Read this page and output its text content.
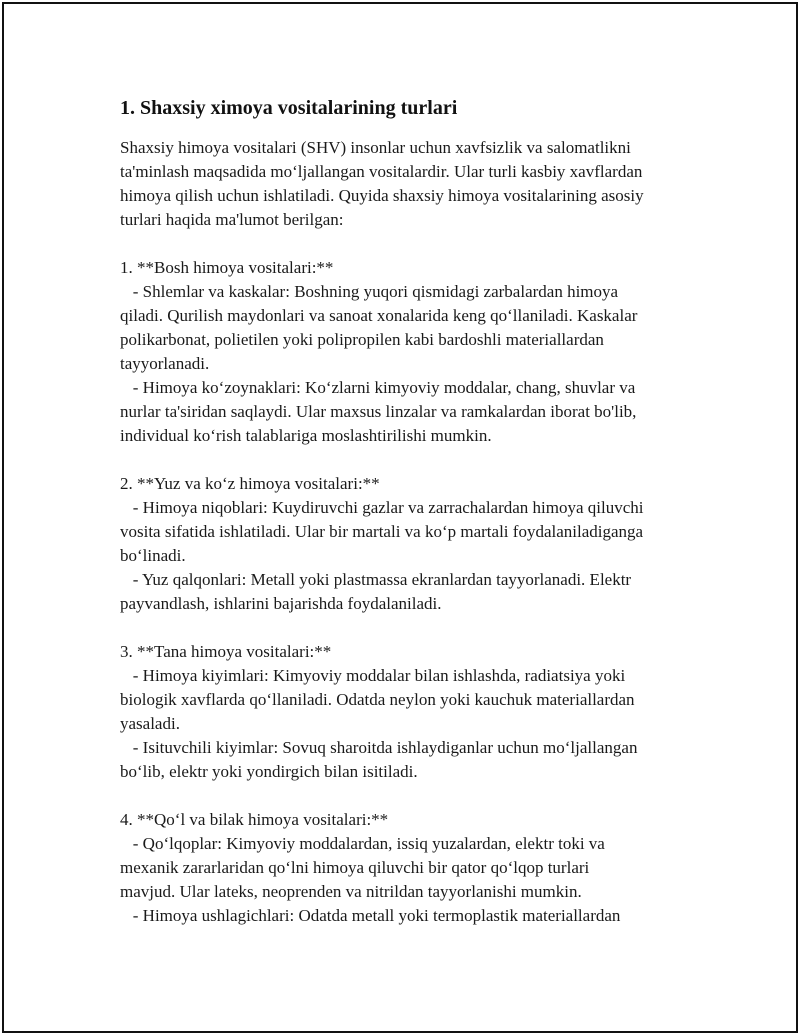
1. Shaxsiy ximoya vositalarining turlari

Shaxsiy himoya vositalari (SHV) insonlar uchun xavfsizlik va salomatlikni
ta'minlash maqsadida mo‘ljallangan vositalardir. Ular turli kasbiy xavflardan
himoya qilish uchun ishlatiladi. Quyida shaxsiy himoya vositalarining asosiy
turlari haqida ma'lumot berilgan:

1. **Bosh himoya vositalari:**

- Shlemlar va kaskalar: Boshning yuqori qismidagi zarbalardan himoya
qiladi. Qurilish maydonlari va sanoat xonalarida keng qo‘llaniladi. Kaskalar
polikarbonat, polietilen yoki polipropilen kabi bardoshli materiallardan
tayyorlanadi.

- Himoya ko‘zoynaklari: Ko‘zlarni kimyoviy moddalar, chang, shuvlar va
nurlar ta'siridan saqlaydi. Ular maxsus linzalar va ramkalardan iborat bo'lib,
individual ko‘rish talablariga moslashtirilishi mumkin.

2. **Yuz va ko‘z himoya vositalari:**

- Himoya niqoblari: Kuydiruvchi gazlar va zarrachalardan himoya qiluvchi
vosita sifatida ishlatiladi. Ular bir martali va ko‘p martali foydalaniladiganga
bo‘linadi.

- Yuz qalqonlari: Metall yoki plastmassa ekranlardan tayyorlanadi. Elektr
payvandlash, ishlarini bajarishda foydalaniladi.

3. **Tana himoya vositalari:**

- Himoya kiyimlari: Kimyoviy moddalar bilan ishlashda, radiatsiya yoki
biologik xavflarda qo‘llaniladi. Odatda neylon yoki kauchuk materiallardan
yasaladi.

- Isituvchili kiyimlar: Sovuq sharoitda ishlaydiganlar uchun mo‘ljallangan
bo‘lib, elektr yoki yondirgich bilan isitiladi.

4. **Qo‘l va bilak himoya vositalari:**

- Qo‘lqoplar: Kimyoviy moddalardan, issiq yuzalardan, elektr toki va
mexanik zararlaridan qo‘lni himoya qiluvchi bir qator qo‘lqop turlari
mavjud. Ular lateks, neoprenden va nitrildan tayyorlanishi mumkin.

- Himoya ushlagichlari: Odatda metall yoki termoplastik materiallardan
